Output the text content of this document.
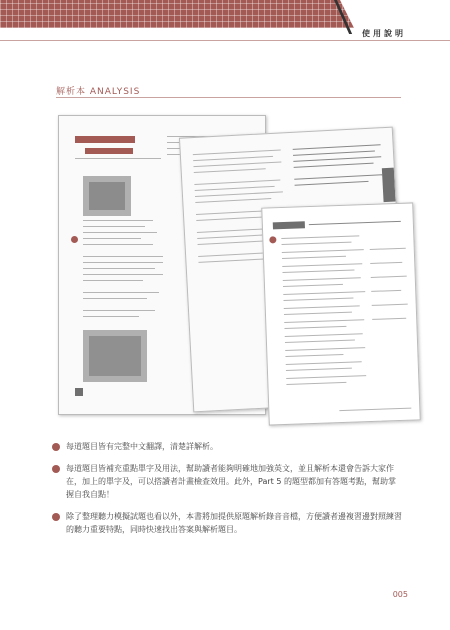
使用說明
解析本 ANALYSIS
每道題目皆有完整中文翻譯，清楚詳解析。
每道題目皆補充重點單字及用法，幫助讀者能夠明確地加強英文，並且解析本還會告訴大家作在，加上的單字及，可以搭讀者計畫檢查效用。此外，Part 5 的題型都加有答題考點，幫助掌握自我自點！
除了整理聽力模擬試題也看以外，本書將加提供原題解析錄音音檔，方便讀者邊複習邊對照練習的聽力重要特點，同時快速找出答案與解析題目。
005
